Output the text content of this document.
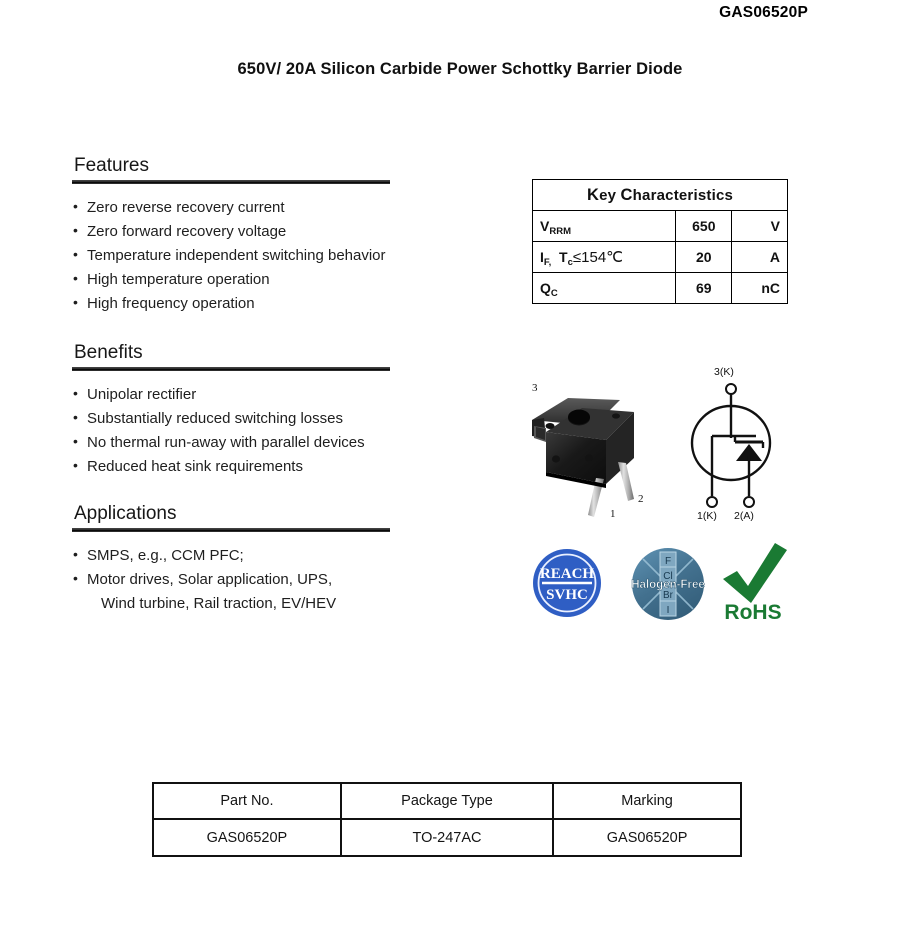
GAS06520P
650V/ 20A Silicon Carbide Power Schottky Barrier Diode
Features
• Zero reverse recovery current
• Zero forward recovery voltage
• Temperature independent switching behavior
• High temperature operation
• High frequency operation
Benefits
• Unipolar rectifier
• Substantially reduced switching losses
• No thermal run-away with parallel devices
• Reduced heat sink requirements
Applications
• SMPS, e.g., CCM PFC;
• Motor drives, Solar application, UPS,
Wind turbine, Rail traction, EV/HEV
Key Characteristics		
$V_{RRM}$	650	V
$I_{F,}$  $T_c\le 154℃$	20	A
$Q_C$	69	nC
3
2
1
3(K)
1(K) 2(A)
REACH
SVHC
F
Cl
Br
I
Halogen-Free
RoHS
Part No.	Package Type	Marking
GAS06520P	TO-247AC	GAS06520P
